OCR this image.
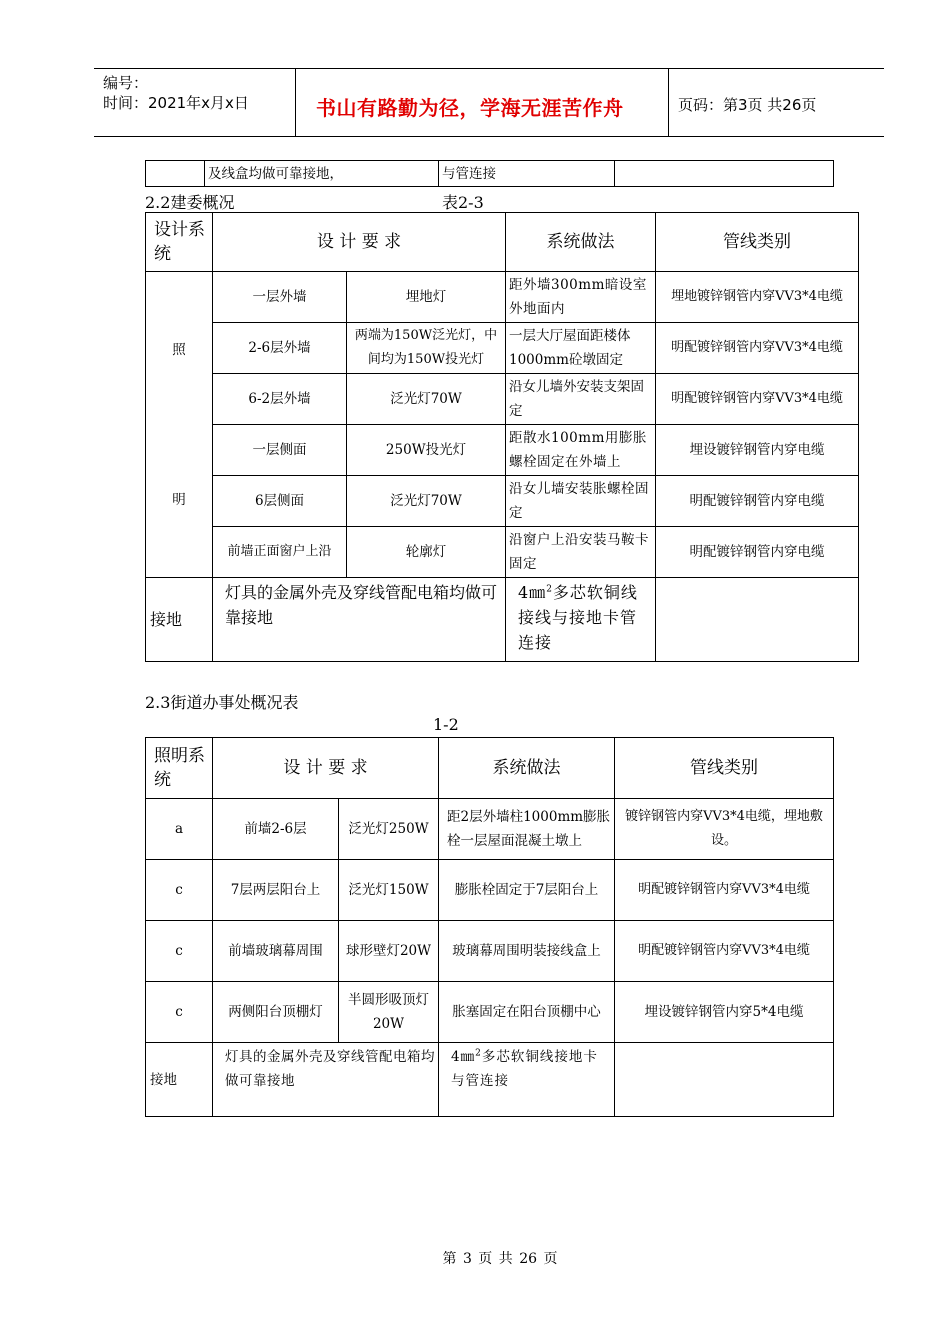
编号：
时间：2021年x月x日	书山有路勤为径，学海无涯苦作舟	页码：第3页 共26页
	及线盒均做可靠接地，	与管连接	
2.2建委概况	表2-3
设计系统	设 计 要 求		系统做法	管线类别

照
明	一层外墙	埋地灯	距外墙300mm暗设室外地面内	埋地镀锌钢管内穿VV3*4电缆
	2-6层外墙	两端为150W泛光灯，中间均为150W投光灯	一层大厅屋面距楼体1000mm砼墩固定	明配镀锌钢管内穿VV3*4电缆
	6-2层外墙	泛光灯70W	沿女儿墙外安装支架固定	明配镀锌钢管内穿VV3*4电缆
	一层侧面	250W投光灯	距散水100mm用膨胀螺栓固定在外墙上	埋设镀锌钢管内穿电缆
	6层侧面	泛光灯70W	沿女儿墙安装胀螺栓固定	明配镀锌钢管内穿电缆
	前墙正面窗户上沿	轮廓灯	沿窗户上沿安装马鞍卡固定	明配镀锌钢管内穿电缆
接地	灯具的金属外壳及穿线管配电箱均做可靠接地		4㎜$^2$多芯软铜线接线与接地卡管连接	
2.3街道办事处概况表
1-2
照明系统	设 计 要 求		系统做法	管线类别
a	前墙2-6层	泛光灯250W	距2层外墙柱1000mm膨胀栓一层屋面混凝土墩上	镀锌钢管内穿VV3*4电缆，埋地敷设。
c	7层两层阳台上	泛光灯150W	膨胀栓固定于7层阳台上	明配镀锌钢管内穿VV3*4电缆
c	前墙玻璃幕周围	球形壁灯20W	玻璃幕周围明装接线盒上	明配镀锌钢管内穿VV3*4电缆
c	两侧阳台顶棚灯	半圆形吸顶灯20W	胀塞固定在阳台顶棚中心	埋设镀锌钢管内穿5*4电缆
接地	灯具的金属外壳及穿线管配电箱均做可靠接地		4㎜$^2$多芯软铜线接地卡与管连接	
第 3 页 共 26 页
